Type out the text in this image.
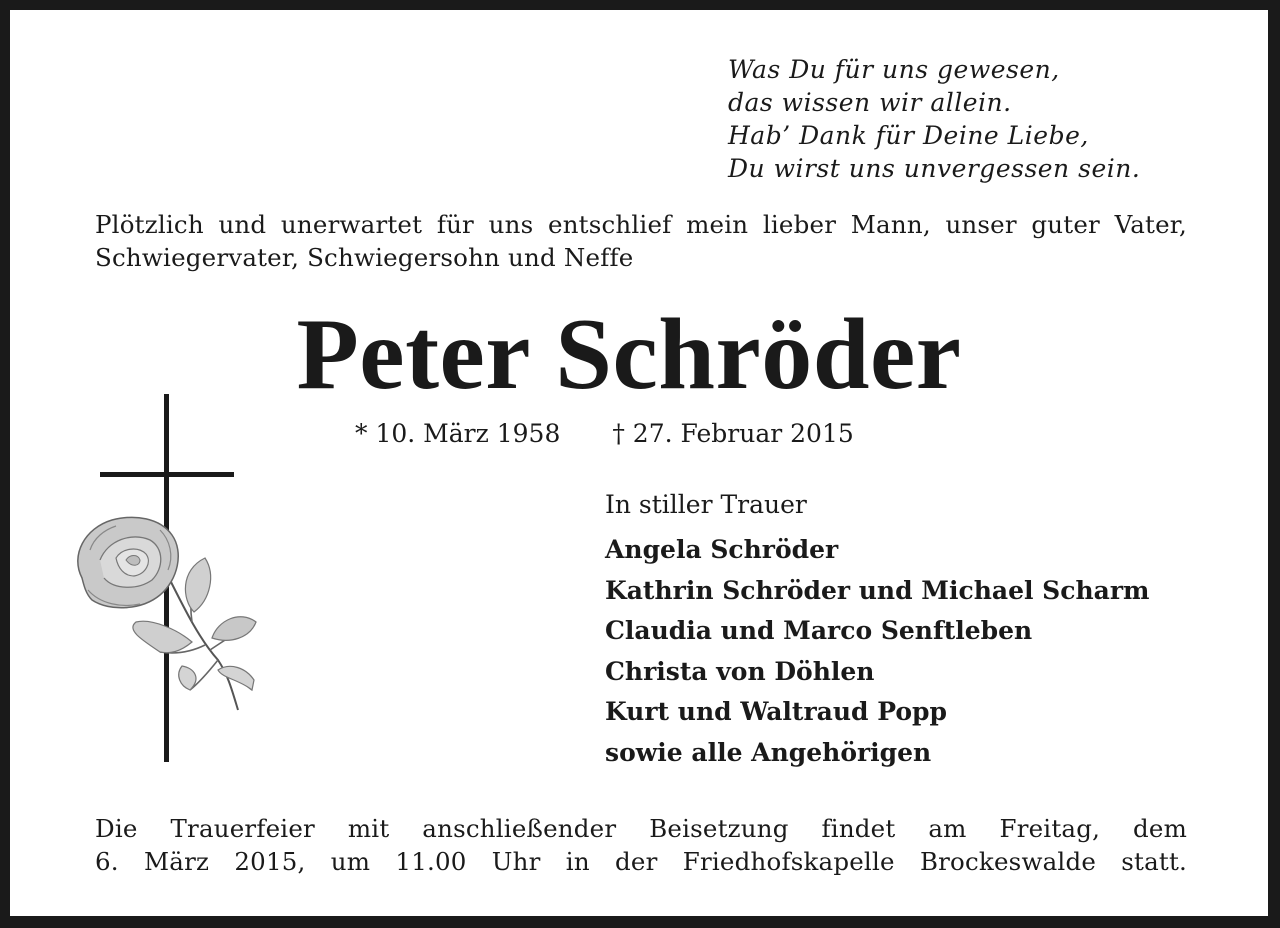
Was Du für uns gewesen,
das wissen wir allein.
Hab’ Dank für Deine Liebe,
Du wirst uns unvergessen sein.

Plötzlich und unerwartet für uns entschlief mein lieber Mann, unser guter Vater, Schwiegervater, Schwiegersohn und Neffe

Peter Schröder
* 10. März 1958 † 27. Februar 2015

In stiller Trauer

Angela Schröder
Kathrin Schröder und Michael Scharm
Claudia und Marco Senftleben
Christa von Döhlen
Kurt und Waltraud Popp
sowie alle Angehörigen

Die Trauerfeier mit anschließender Beisetzung findet am Freitag, dem
6. März 2015, um 11.00 Uhr in der Friedhofskapelle Brockeswalde statt.
